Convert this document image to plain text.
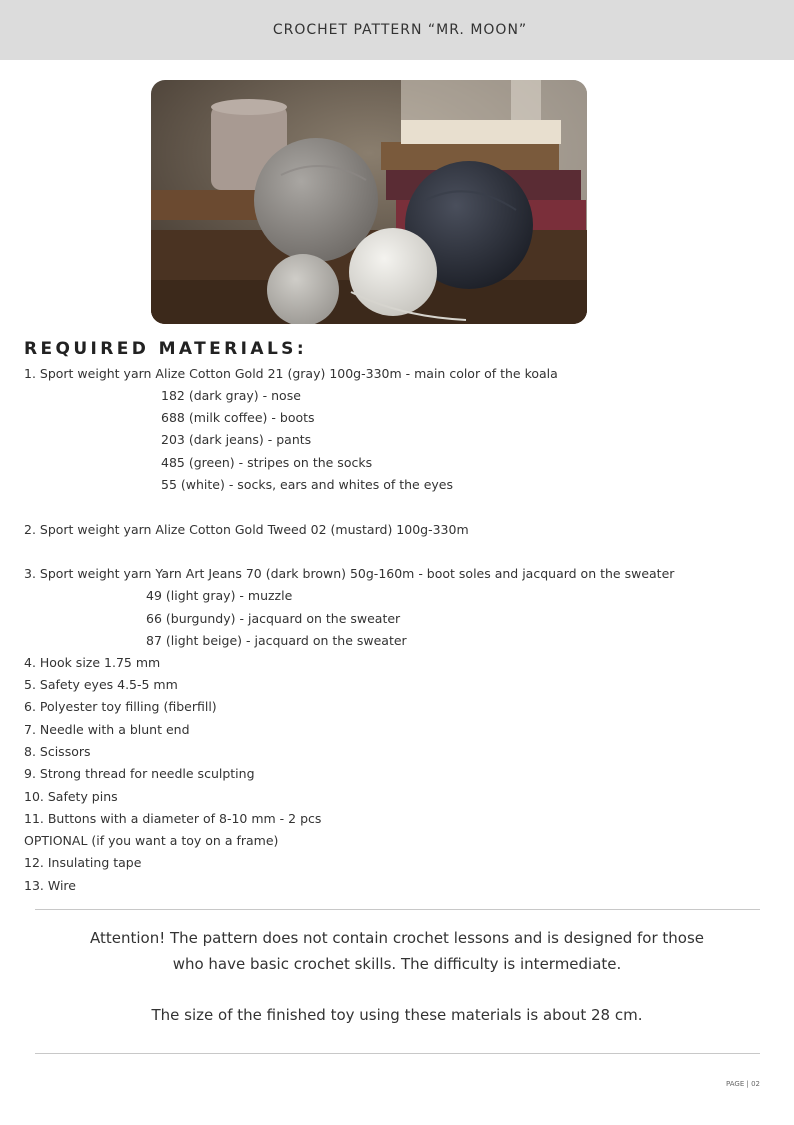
CROCHET PATTERN “MR. MOON”
REQUIRED MATERIALS:
1. Sport weight yarn Alize Cotton Gold 21 (gray) 100g-330m - main color of the koala
182 (dark gray) - nose
688 (milk coffee) - boots
203 (dark jeans) - pants
485 (green) - stripes on the socks
55 (white) - socks, ears and whites of the eyes
2. Sport weight yarn Alize Cotton Gold Tweed 02 (mustard) 100g-330m
3. Sport weight yarn Yarn Art Jeans 70 (dark brown) 50g-160m - boot soles and jacquard on the sweater
49 (light gray) - muzzle
66 (burgundy) - jacquard on the sweater
87 (light beige) - jacquard on the sweater
4. Hook size 1.75 mm
5. Safety eyes 4.5-5 mm
6. Polyester toy filling (fiberfill)
7. Needle with a blunt end
8. Scissors
9. Strong thread for needle sculpting
10. Safety pins
11. Buttons with a diameter of 8-10 mm - 2 pcs
OPTIONAL (if you want a toy on a frame)
12. Insulating tape
13. Wire
Attention! The pattern does not contain crochet lessons and is designed for those
who have basic crochet skills. The difficulty is intermediate.
The size of the finished toy using these materials is about 28 cm.
PAGE | 02
